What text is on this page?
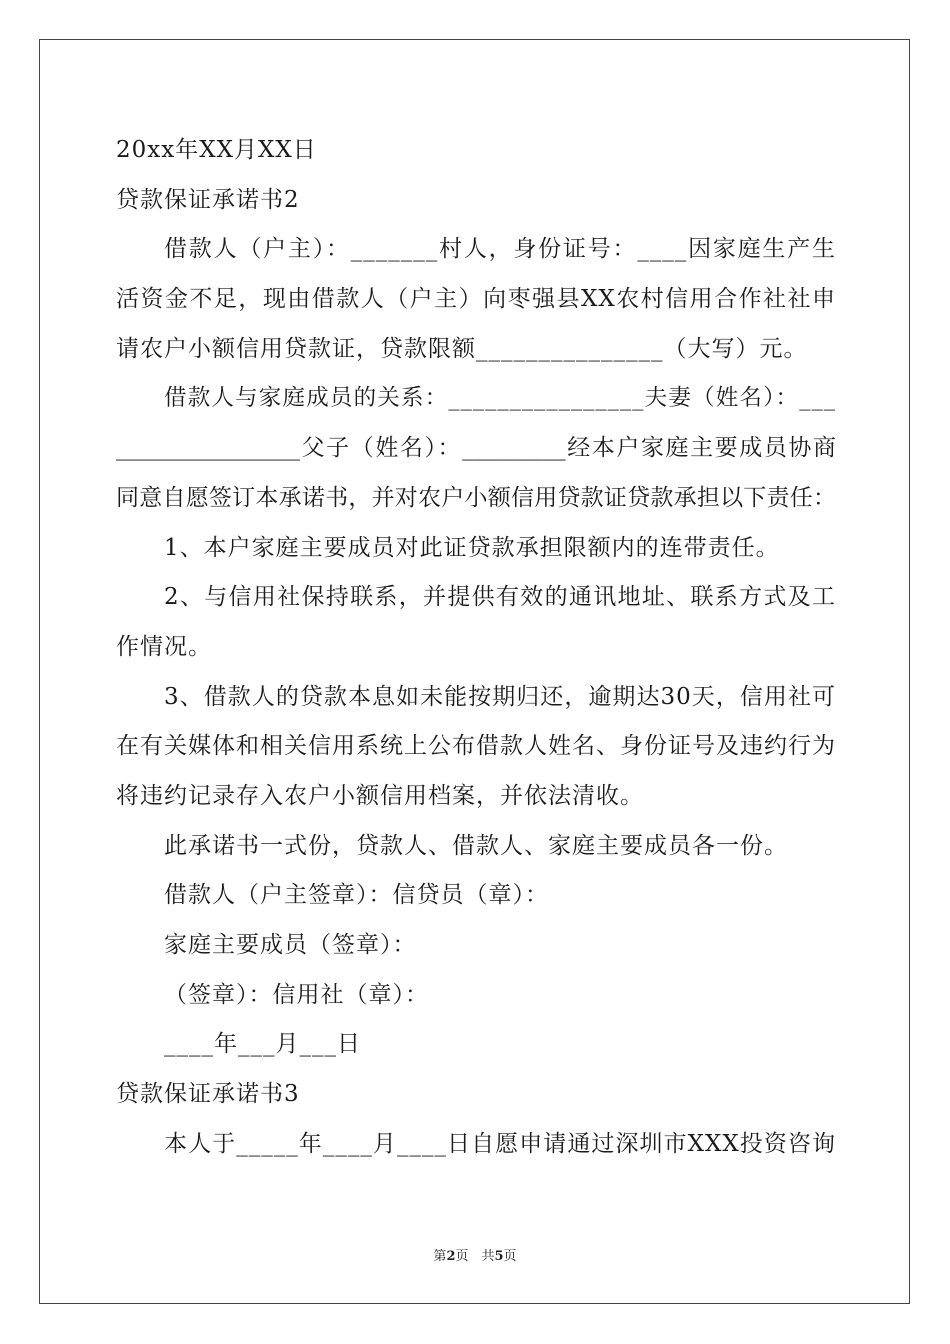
20xx年XX月XX日
贷款保证承诺书2
借款人（户主）：_______村人，身份证号：____因家庭生产生
活资金不足，现由借款人（户主）向枣强县XX农村信用合作社社申
请农户小额信用贷款证，贷款限额_______________（大写）元。
借款人与家庭成员的关系：________________夫妻（姓名）：___
________________父子（姓名）：_________经本户家庭主要成员协商
同意自愿签订本承诺书，并对农户小额信用贷款证贷款承担以下责任：
1、本户家庭主要成员对此证贷款承担限额内的连带责任。
2、与信用社保持联系，并提供有效的通讯地址、联系方式及工
作情况。
3、借款人的贷款本息如未能按期归还，逾期达30天，信用社可
在有关媒体和相关信用系统上公布借款人姓名、身份证号及违约行为
将违约记录存入农户小额信用档案，并依法清收。
此承诺书一式份，贷款人、借款人、家庭主要成员各一份。
借款人（户主签章）：信贷员（章）：
家庭主要成员（签章）：
（签章）：信用社（章）：
____年___月___日
贷款保证承诺书3
本人于_____年____月____日自愿申请通过深圳市XXX投资咨询
第2页　共5页
